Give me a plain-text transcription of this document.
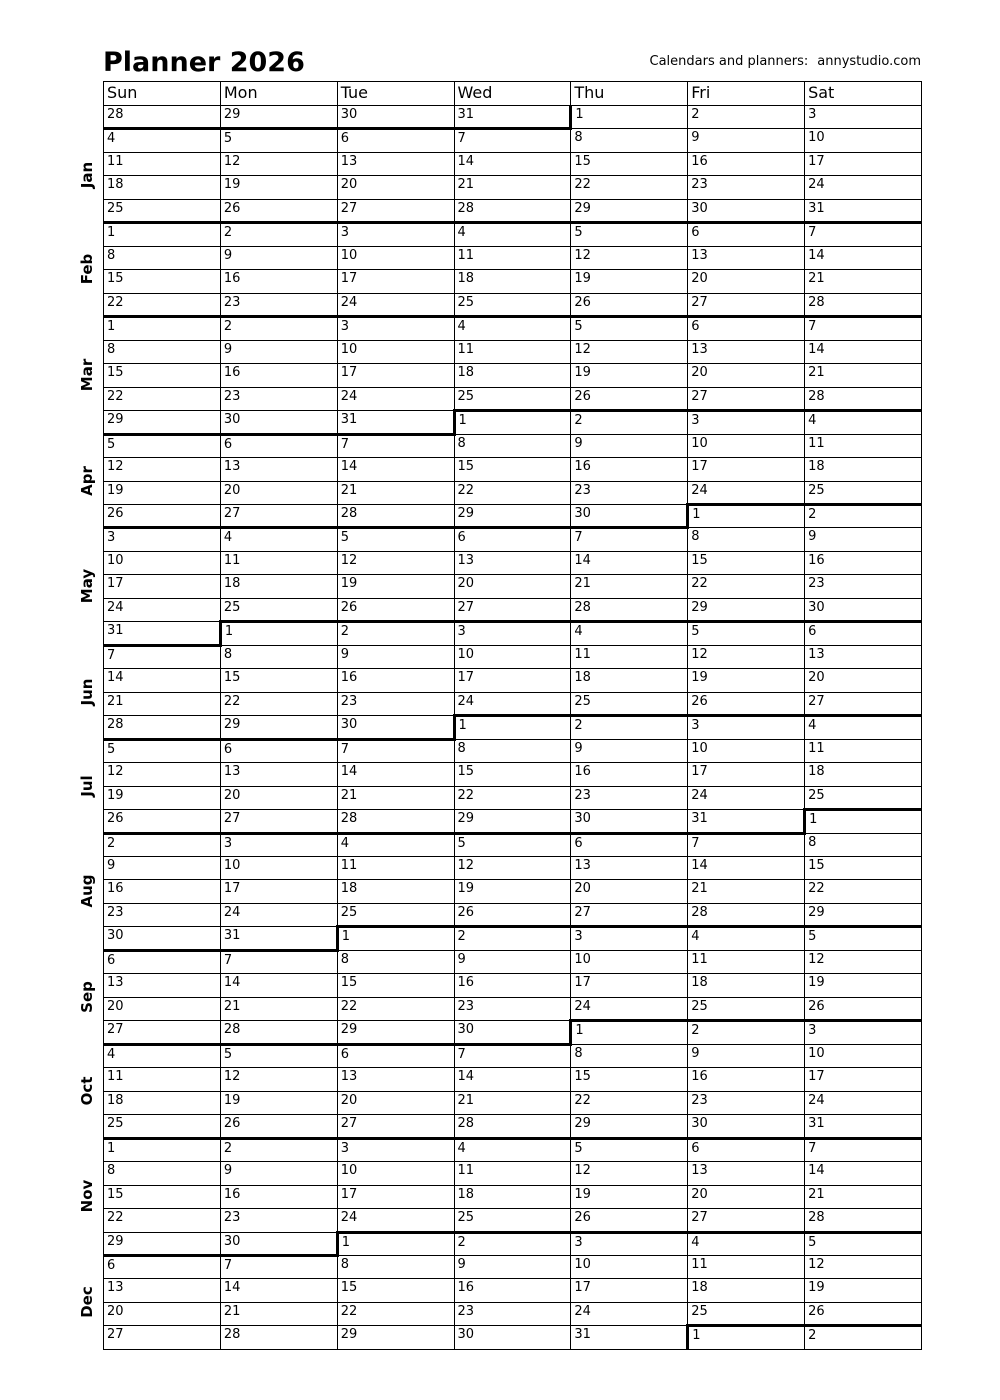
Planner 2026	Calendars and planners: annystudio.com
Jan
Feb
Mar
Apr
May
Jun
Jul
Aug
Sep
Oct
Nov
Dec
Sun	Mon	Tue	Wed	Thu	Fri	Sat
28	29	30	31	1	2	3
4	5	6	7	8	9	10
11	12	13	14	15	16	17
18	19	20	21	22	23	24
25	26	27	28	29	30	31
1	2	3	4	5	6	7
8	9	10	11	12	13	14
15	16	17	18	19	20	21
22	23	24	25	26	27	28
1	2	3	4	5	6	7
8	9	10	11	12	13	14
15	16	17	18	19	20	21
22	23	24	25	26	27	28
29	30	31	1	2	3	4
5	6	7	8	9	10	11
12	13	14	15	16	17	18
19	20	21	22	23	24	25
26	27	28	29	30	1	2
3	4	5	6	7	8	9
10	11	12	13	14	15	16
17	18	19	20	21	22	23
24	25	26	27	28	29	30
31	1	2	3	4	5	6
7	8	9	10	11	12	13
14	15	16	17	18	19	20
21	22	23	24	25	26	27
28	29	30	1	2	3	4
5	6	7	8	9	10	11
12	13	14	15	16	17	18
19	20	21	22	23	24	25
26	27	28	29	30	31	1
2	3	4	5	6	7	8
9	10	11	12	13	14	15
16	17	18	19	20	21	22
23	24	25	26	27	28	29
30	31	1	2	3	4	5
6	7	8	9	10	11	12
13	14	15	16	17	18	19
20	21	22	23	24	25	26
27	28	29	30	1	2	3
4	5	6	7	8	9	10
11	12	13	14	15	16	17
18	19	20	21	22	23	24
25	26	27	28	29	30	31
1	2	3	4	5	6	7
8	9	10	11	12	13	14
15	16	17	18	19	20	21
22	23	24	25	26	27	28
29	30	1	2	3	4	5
6	7	8	9	10	11	12
13	14	15	16	17	18	19
20	21	22	23	24	25	26
27	28	29	30	31	1	2
